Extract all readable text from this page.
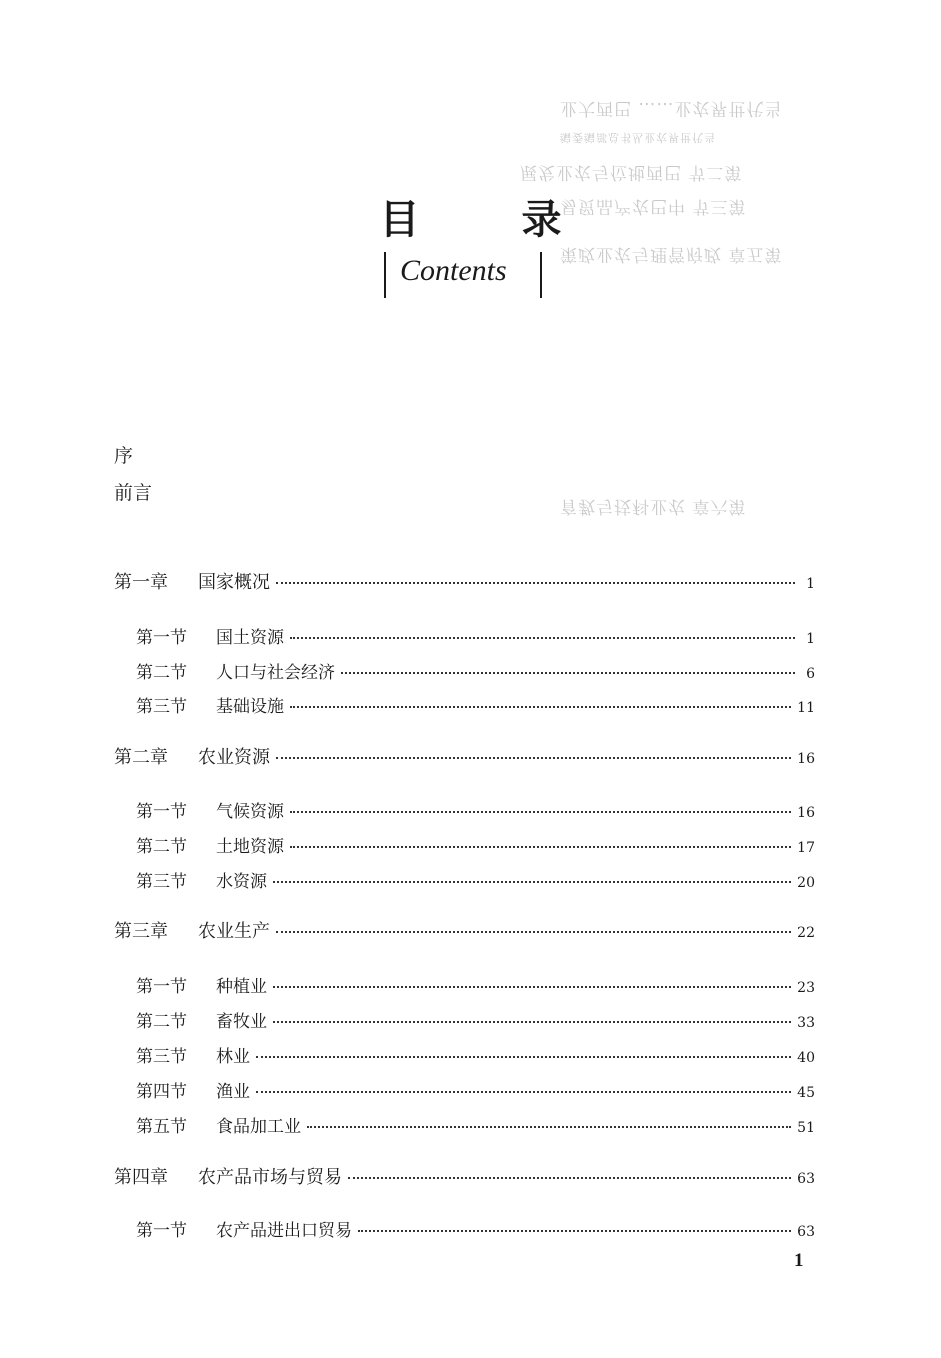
业大西巴 ……业农界世代当
编委编部总书丛业农界世代当
展发业农与位地西巴 节二第
易贸品产农巴中 节三第
策政业农与理管府政 章五第
育教与技科业农 章六第
目 录
Contents
序
前言
第一章	国家概况	1
第一节	国土资源	1
第二节	人口与社会经济	6
第三节	基础设施	11
第二章	农业资源	16
第一节	气候资源	16
第二节	土地资源	17
第三节	水资源	20
第三章	农业生产	22
第一节	种植业	23
第二节	畜牧业	33
第三节	林业	40
第四节	渔业	45
第五节	食品加工业	51
第四章	农产品市场与贸易	63
第一节	农产品进出口贸易	63
1
